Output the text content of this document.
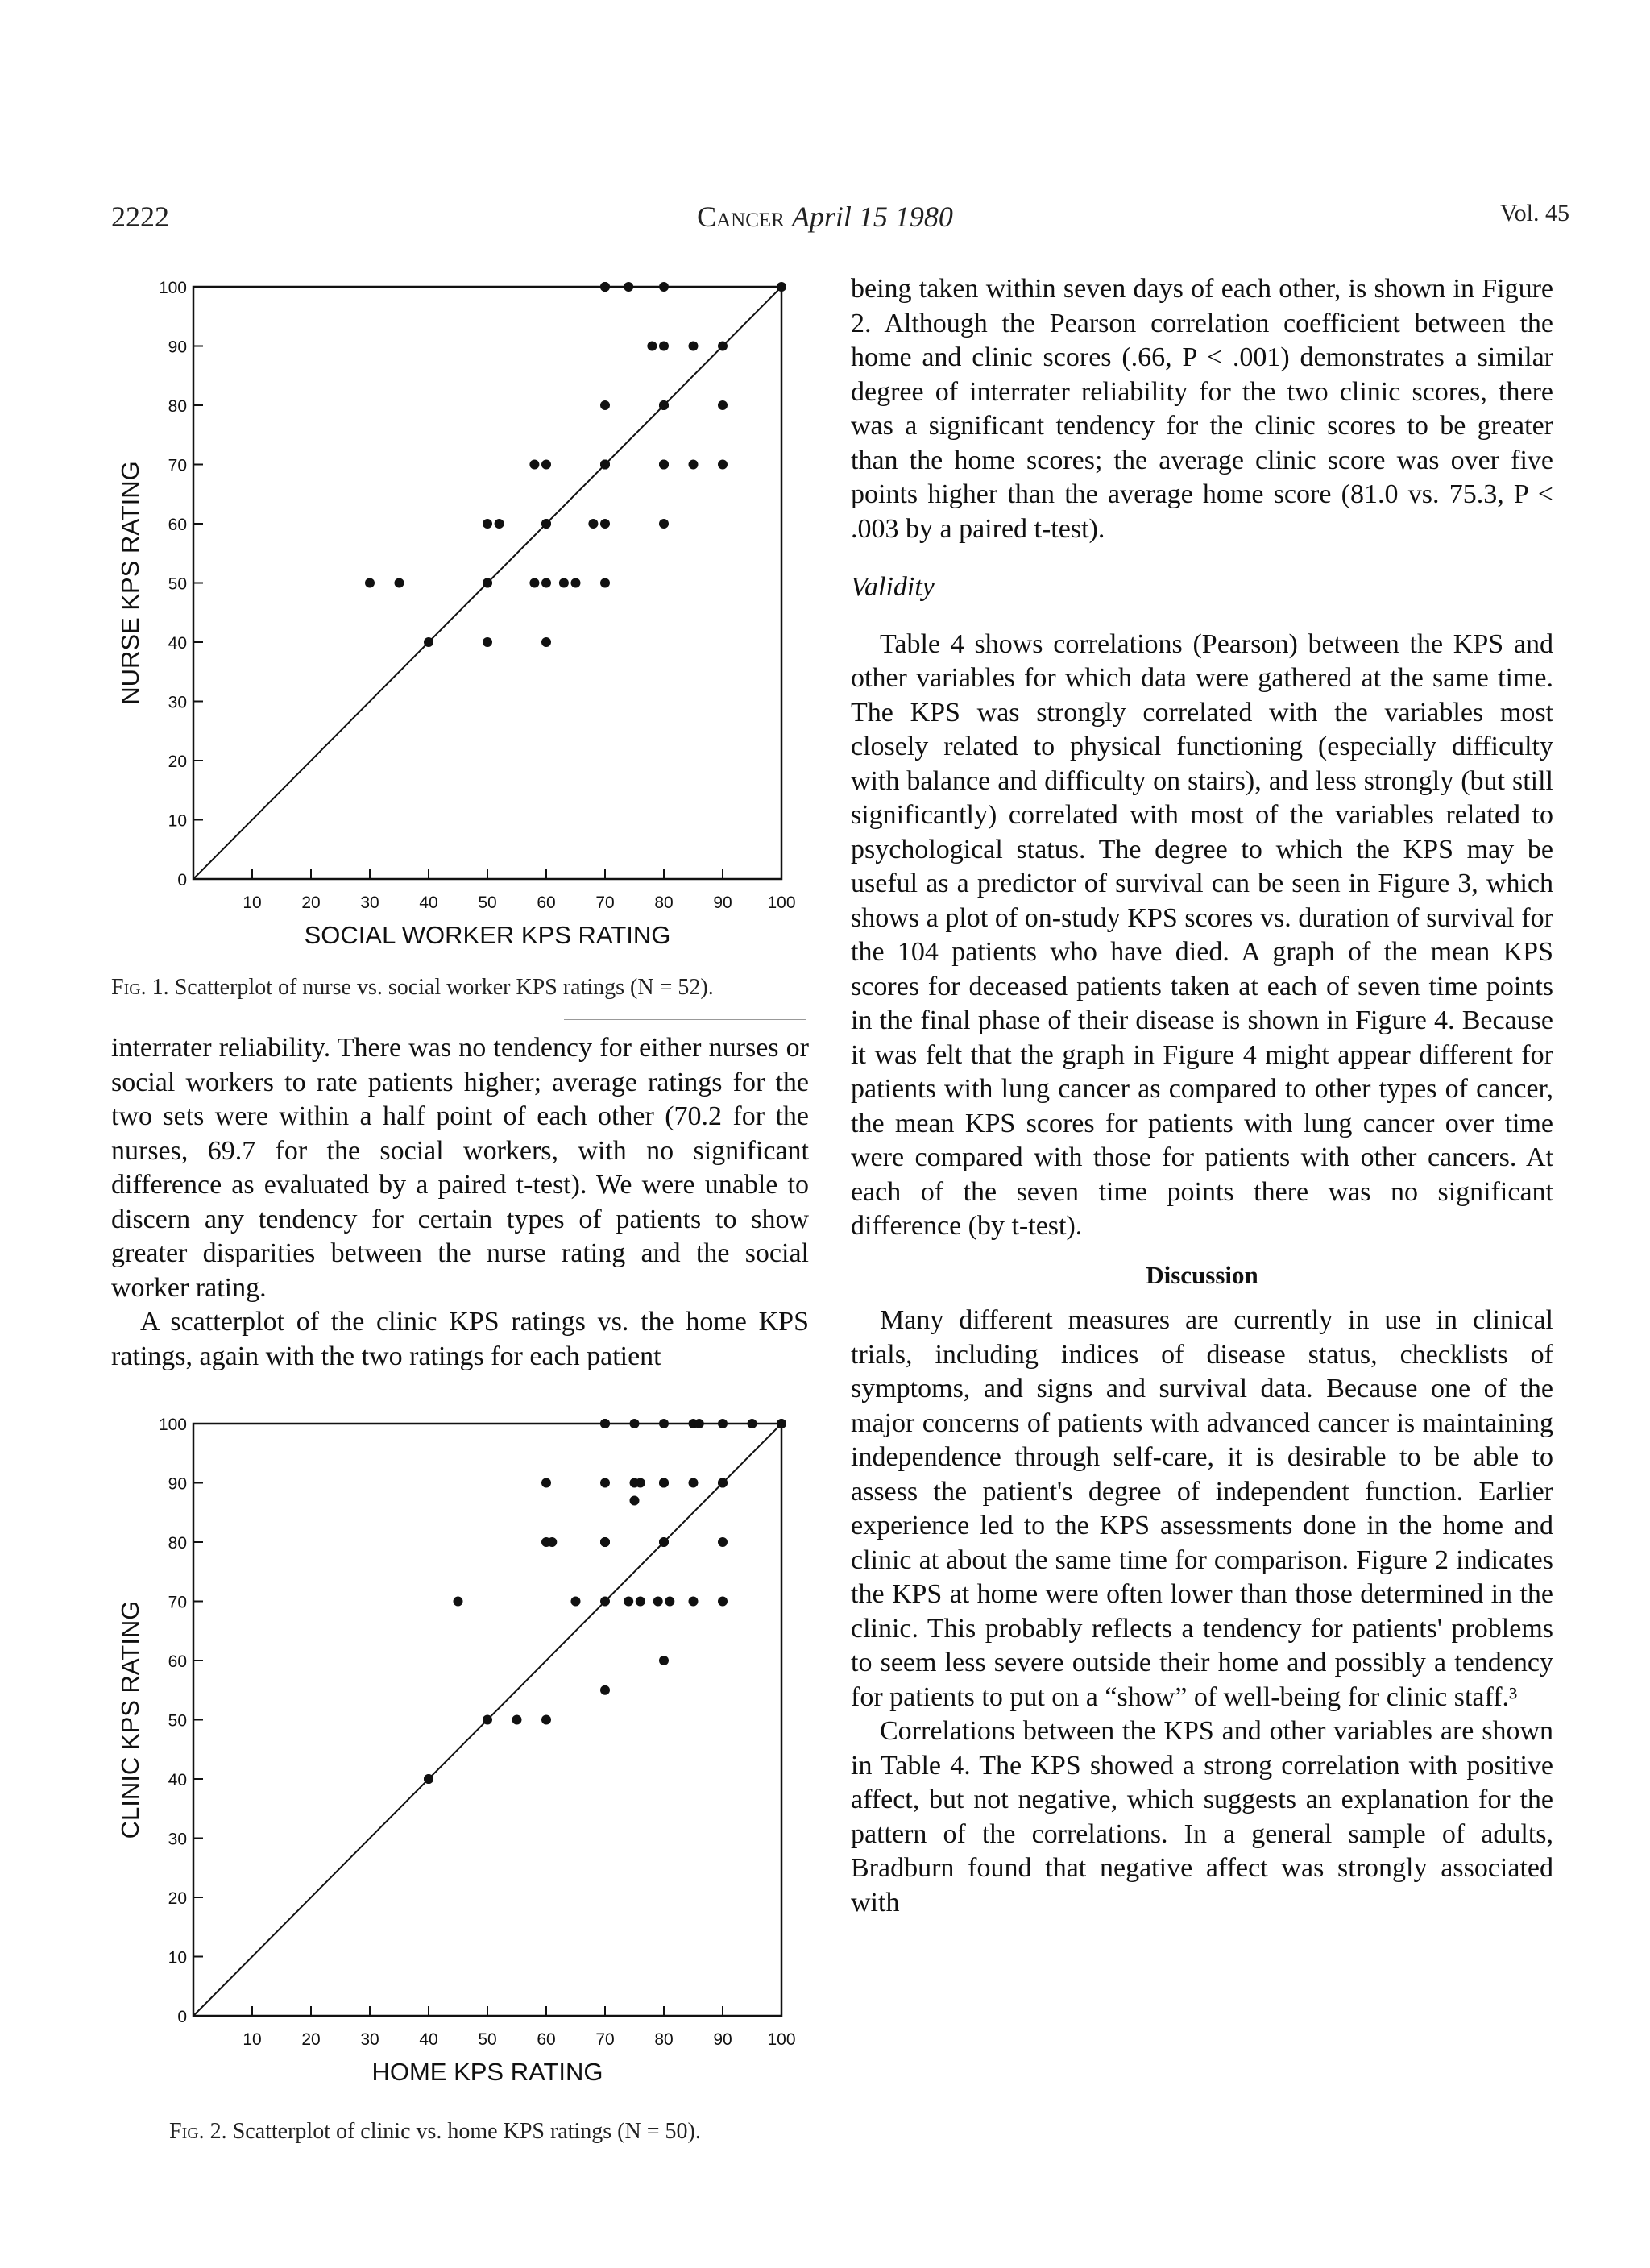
2222	Cancer April 15 1980	Vol. 45
0
10
20
30
40
50
60
70
80
90
100
10 20 30 40 50 60 70 80 90 100
SOCIAL WORKER KPS RATING
NURSE KPS RATING
Fig. 1. Scatterplot of nurse vs. social worker KPS ratings (N = 52).

interrater reliability. There was no tendency for either nurses or social workers to rate patients higher; average ratings for the two sets were within a half point of each other (70.2 for the nurses, 69.7 for the social workers, with no significant difference as evaluated by a paired t-test). We were unable to discern any tendency for certain types of patients to show greater disparities between the nurse rating and the social worker rating.

A scatterplot of the clinic KPS ratings vs. the home KPS ratings, again with the two ratings for each patient

0
10
20
30
40
50
60
70
80
90
100
10 20 30 40 50 60 70 80 90 100
HOME KPS RATING
CLINIC KPS RATING
Fig. 2. Scatterplot of clinic vs. home KPS ratings (N = 50).

being taken within seven days of each other, is shown in Figure 2. Although the Pearson correlation coefficient between the home and clinic scores (.66, P < .001) demonstrates a similar degree of interrater reliability for the two clinic scores, there was a significant tendency for the clinic scores to be greater than the home scores; the average clinic score was over five points higher than the average home score (81.0 vs. 75.3, P < .003 by a paired t-test).

Validity

Table 4 shows correlations (Pearson) between the KPS and other variables for which data were gathered at the same time. The KPS was strongly correlated with the variables most closely related to physical functioning (especially difficulty with balance and difficulty on stairs), and less strongly (but still significantly) correlated with most of the variables related to psychological status. The degree to which the KPS may be useful as a predictor of survival can be seen in Figure 3, which shows a plot of on-study KPS scores vs. duration of survival for the 104 patients who have died. A graph of the mean KPS scores for deceased patients taken at each of seven time points in the final phase of their disease is shown in Figure 4. Because it was felt that the graph in Figure 4 might appear different for patients with lung cancer as compared to other types of cancer, the mean KPS scores for patients with lung cancer over time were compared with those for patients with other cancers. At each of the seven time points there was no significant difference (by t-test).

Discussion

Many different measures are currently in use in clinical trials, including indices of disease status, checklists of symptoms, and signs and survival data. Because one of the major concerns of patients with advanced cancer is maintaining independence through self-care, it is desirable to be able to assess the patient's degree of independent function. Earlier experience led to the KPS assessments done in the home and clinic at about the same time for comparison. Figure 2 indicates the KPS at home were often lower than those determined in the clinic. This probably reflects a tendency for patients' problems to seem less severe outside their home and possibly a tendency for patients to put on a “show” of well-being for clinic staff.³

Correlations between the KPS and other variables are shown in Table 4. The KPS showed a strong correlation with positive affect, but not negative, which suggests an explanation for the pattern of the correlations. In a general sample of adults, Bradburn found that negative affect was strongly associated with
